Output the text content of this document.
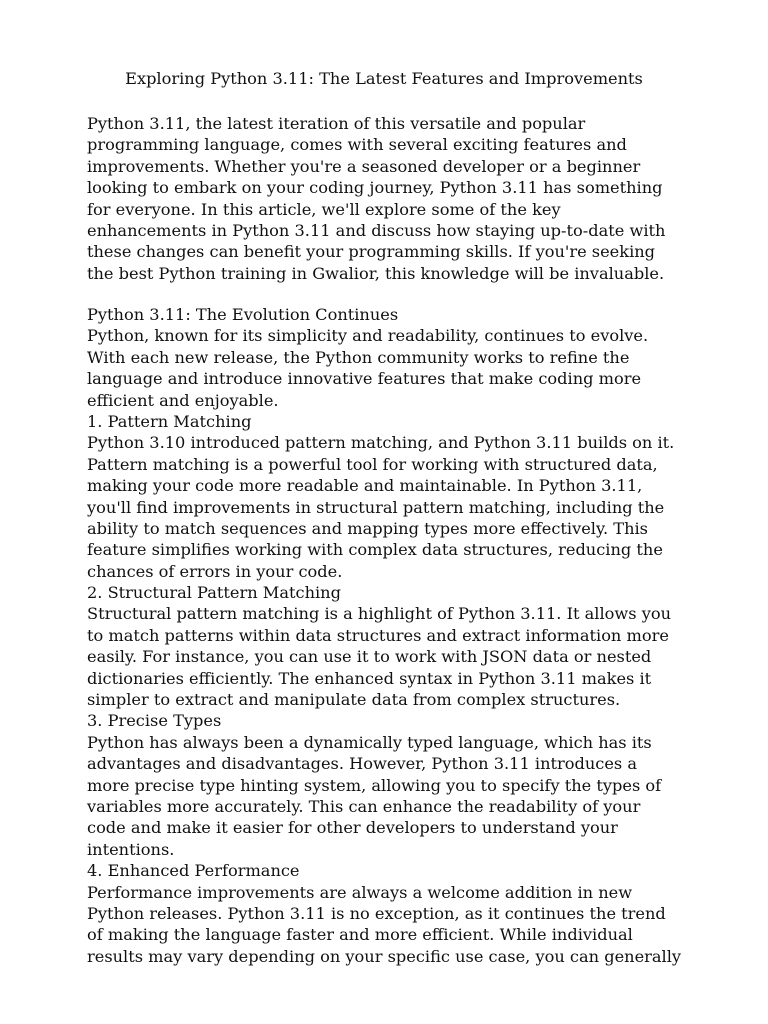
Exploring Python 3.11: The Latest Features and Improvements
Python 3.11, the latest iteration of this versatile and popular
programming language, comes with several exciting features and
improvements. Whether you're a seasoned developer or a beginner
looking to embark on your coding journey, Python 3.11 has something
for everyone. In this article, we'll explore some of the key
enhancements in Python 3.11 and discuss how staying up-to-date with
these changes can benefit your programming skills. If you're seeking
the best Python training in Gwalior, this knowledge will be invaluable.
Python 3.11: The Evolution Continues
Python, known for its simplicity and readability, continues to evolve.
With each new release, the Python community works to refine the
language and introduce innovative features that make coding more
efficient and enjoyable.
1. Pattern Matching
Python 3.10 introduced pattern matching, and Python 3.11 builds on it.
Pattern matching is a powerful tool for working with structured data,
making your code more readable and maintainable. In Python 3.11,
you'll find improvements in structural pattern matching, including the
ability to match sequences and mapping types more effectively. This
feature simplifies working with complex data structures, reducing the
chances of errors in your code.
2. Structural Pattern Matching
Structural pattern matching is a highlight of Python 3.11. It allows you
to match patterns within data structures and extract information more
easily. For instance, you can use it to work with JSON data or nested
dictionaries efficiently. The enhanced syntax in Python 3.11 makes it
simpler to extract and manipulate data from complex structures.
3. Precise Types
Python has always been a dynamically typed language, which has its
advantages and disadvantages. However, Python 3.11 introduces a
more precise type hinting system, allowing you to specify the types of
variables more accurately. This can enhance the readability of your
code and make it easier for other developers to understand your
intentions.
4. Enhanced Performance
Performance improvements are always a welcome addition in new
Python releases. Python 3.11 is no exception, as it continues the trend
of making the language faster and more efficient. While individual
results may vary depending on your specific use case, you can generally
